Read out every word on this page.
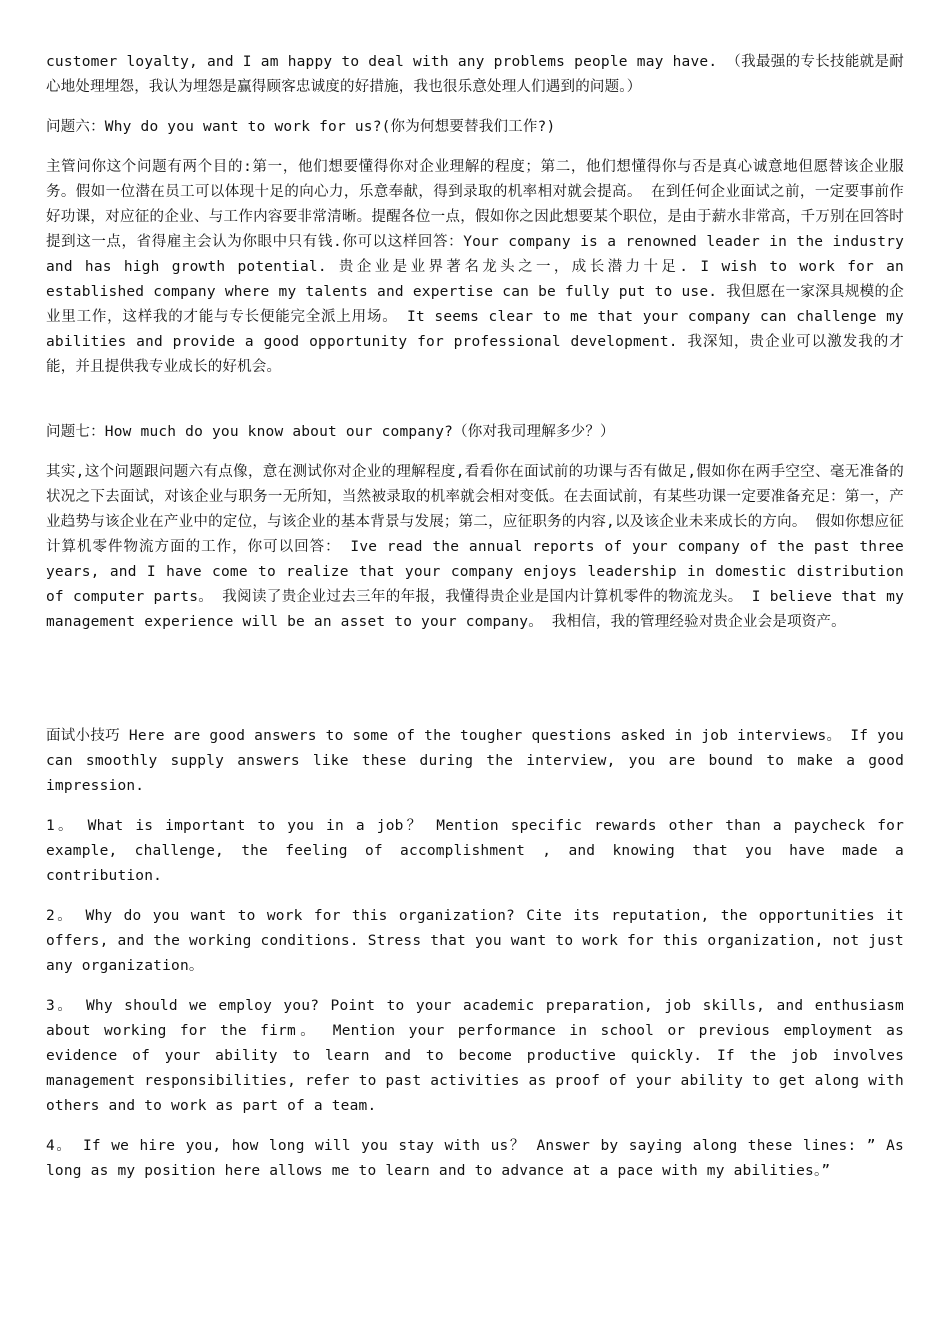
customer loyalty, and I am happy to deal with any problems people may have. （我最强的专长技能就是耐心地处理埋怨，我认为埋怨是赢得顾客忠诚度的好措施，我也很乐意处理人们遇到的问题。）

问题六：Why do you want to work for us?(你为何想要替我们工作?)

主管问你这个问题有两个目的:第一，他们想要懂得你对企业理解的程度；第二，他们想懂得你与否是真心诚意地但愿替该企业服务。假如一位潜在员工可以体现十足的向心力，乐意奉献，得到录取的机率相对就会提高。 在到任何企业面试之前，一定要事前作好功课，对应征的企业、与工作内容要非常清晰。提醒各位一点，假如你之因此想要某个职位，是由于薪水非常高，千万别在回答时提到这一点，省得雇主会认为你眼中只有钱.你可以这样回答：Your company is a renowned leader in the industry and has high growth potential. 贵企业是业界著名龙头之一，成长潜力十足. I wish to work for an established company where my talents and expertise can be fully put to use. 我但愿在一家深具规模的企业里工作，这样我的才能与专长便能完全派上用场。 It seems clear to me that your company can challenge my abilities and provide a good opportunity for professional development. 我深知，贵企业可以激发我的才能，并且提供我专业成长的好机会。

问题七：How much do you know about our company?（你对我司理解多少？）

其实,这个问题跟问题六有点像，意在测试你对企业的理解程度,看看你在面试前的功课与否有做足,假如你在两手空空、毫无准备的状况之下去面试，对该企业与职务一无所知，当然被录取的机率就会相对变低。在去面试前，有某些功课一定要准备充足：第一，产业趋势与该企业在产业中的定位，与该企业的基本背景与发展；第二，应征职务的内容,以及该企业未来成长的方向。 假如你想应征计算机零件物流方面的工作，你可以回答： Ive read the annual reports of your company of the past three years, and I have come to realize that your company enjoys leadership in domestic distribution of computer parts。 我阅读了贵企业过去三年的年报，我懂得贵企业是国内计算机零件的物流龙头。 I believe that my management experience will be an asset to your company。 我相信，我的管理经验对贵企业会是项资产。

面试小技巧 Here are good answers to some of the tougher questions asked in job interviews。 If you can smoothly supply answers like these during the interview, you are bound to make a good impression.

1。 What is important to you in a job？ Mention specific rewards other than a paycheck for example, challenge, the feeling of accomplishment , and knowing that you have made a contribution.

2。 Why do you want to work for this organization? Cite its reputation, the opportunities it offers, and the working conditions. Stress that you want to work for this organization, not just any organization。

3。 Why should we employ you? Point to your academic preparation, job skills, and enthusiasm about working for the firm。 Mention your performance in school or previous employment as evidence of your ability to learn and to become productive quickly. If the job involves management responsibilities, refer to past activities as proof of your ability to get along with others and to work as part of a team.

4。 If we hire you, how long will you stay with us？ Answer by saying along these lines: ” As long as my position here allows me to learn and to advance at a pace with my abilities。”
